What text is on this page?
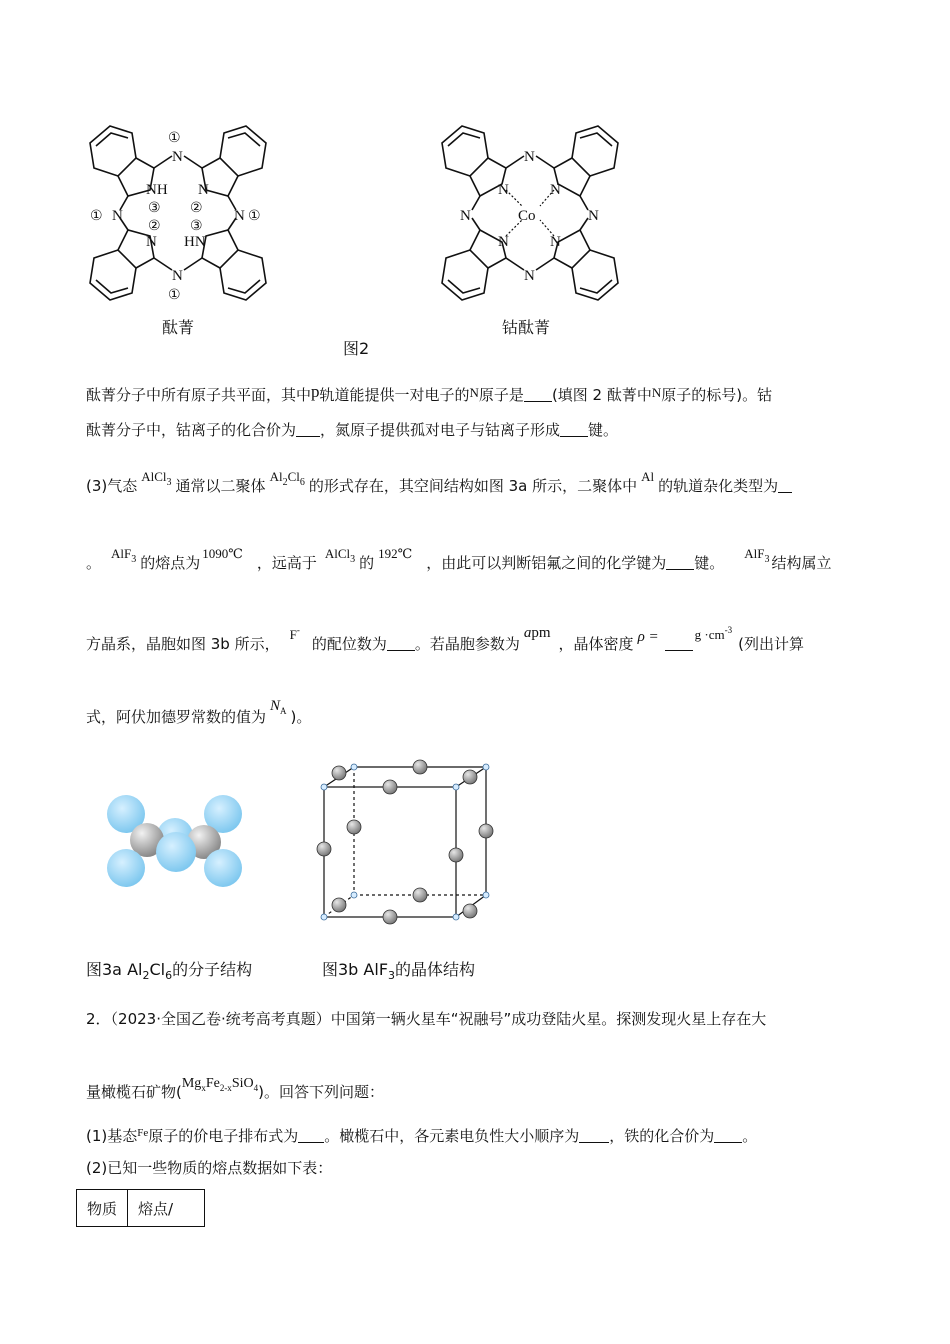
N
N
N	N
NH N
N HN
①
①
①	①
③ ②
② ③
N
N
N	N
N	N
N	N
Co
酞菁	钴酞菁
图2
酞菁分子中所有原子共平面，其中p轨道能提供一对电子的N原子是 (填图 2 酞菁中N原子的标号)。钴
酞菁分子中，钴离子的化合价为 ，氮原子提供孤对电子与钴离子形成 键。
(3)气态AlCl$_3$ 通常以二聚体$Al_2Cl_6$ 的形式存在，其空间结构如图 3a 所示，二聚体中Al的轨道杂化类型为
。AlF$_3$ 的熔点为1090℃，远高于AlCl$_3$ 的192℃，由此可以判断铝氟之间的化学键为 键。AlF$_3$ 结构属立
方晶系，晶胞如图 3b 所示，F-的配位数为 。若晶胞参数为apm，晶体密度 ρ =	$g \cdot cm^{-3}$(列出计算
式，阿伏加德罗常数的值为$N_A$ )。
图3a $Al_2Cl_6$的分子结构	图3b AlF$_3$的晶体结构
2．（2023·全国乙卷·统考高考真题）中国第一辆火星车“祝融号”成功登陆火星。探测发现火星上存在大
量橄榄石矿物$(Mg_xFe_{2-x}SiO_4)$。回答下列问题：
(1)基态$^{Fe}$原子的价电子排布式为 。橄榄石中，各元素电负性大小顺序为 ，铁的化合价为 。
(2)已知一些物质的熔点数据如下表：
物质	熔点/
